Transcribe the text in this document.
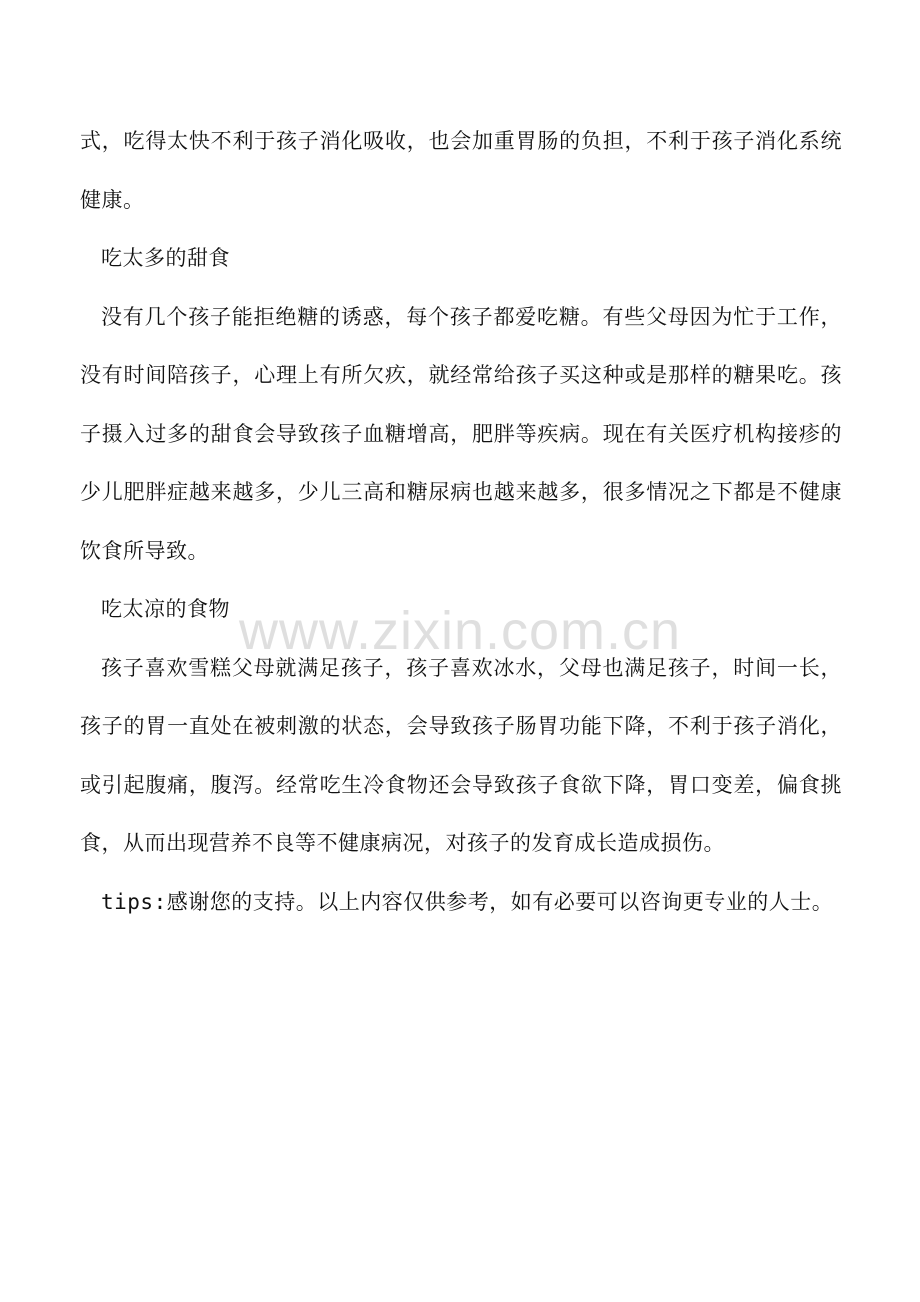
式，吃得太快不利于孩子消化吸收，也会加重胃肠的负担，不利于孩子消化系统健康。

吃太多的甜食

没有几个孩子能拒绝糖的诱惑，每个孩子都爱吃糖。有些父母因为忙于工作，没有时间陪孩子，心理上有所欠疚，就经常给孩子买这种或是那样的糖果吃。孩子摄入过多的甜食会导致孩子血糖增高，肥胖等疾病。现在有关医疗机构接疹的少儿肥胖症越来越多，少儿三高和糖尿病也越来越多，很多情况之下都是不健康饮食所导致。

吃太凉的食物

孩子喜欢雪糕父母就满足孩子，孩子喜欢冰水，父母也满足孩子，时间一长，孩子的胃一直处在被刺激的状态，会导致孩子肠胃功能下降，不利于孩子消化，或引起腹痛，腹泻。经常吃生冷食物还会导致孩子食欲下降，胃口变差，偏食挑食，从而出现营养不良等不健康病况，对孩子的发育成长造成损伤。

tips:感谢您的支持。以上内容仅供参考，如有必要可以咨询更专业的人士。

www.zixin.com.cn
